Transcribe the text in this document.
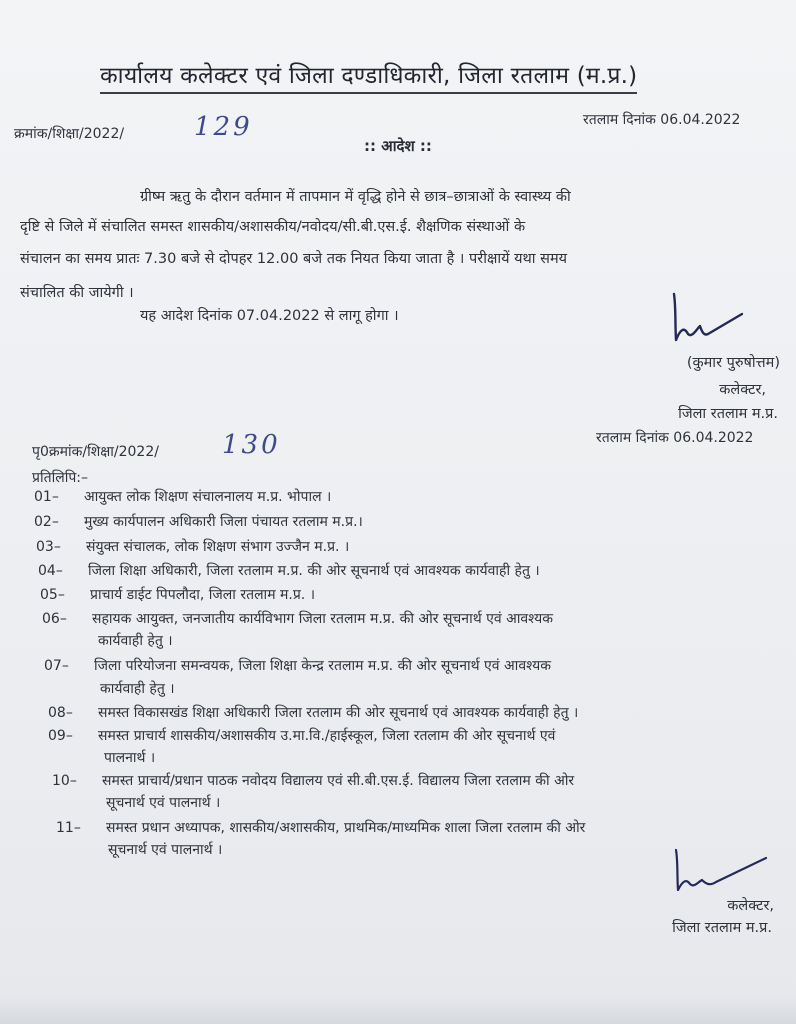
कार्यालय कलेक्टर एवं जिला दण्डाधिकारी, जिला रतलाम (म.प्र.)
रतलाम दिनांक 06.04.2022
क्रमांक/शिक्षा/2022/	129
:: आदेश ::
ग्रीष्म ऋतु के दौरान वर्तमान में तापमान में वृद्धि होने से छात्र–छात्राओं के स्वास्थ्य की
दृष्टि से जिले में संचालित समस्त शासकीय/अशासकीय/नवोदय/सी.बी.एस.ई. शैक्षणिक संस्थाओं के
संचालन का समय प्रातः 7.30 बजे से दोपहर 12.00 बजे तक नियत किया जाता है । परीक्षायें यथा समय
संचालित की जायेगी ।
यह आदेश दिनांक 07.04.2022 से लागू होगा ।
(कुमार पुरुषोत्तम)
कलेक्टर,
जिला रतलाम म.प्र.
पृ0क्रमांक/शिक्षा/2022/ 130	रतलाम दिनांक 06.04.2022
प्रतिलिपि:–
01– आयुक्त लोक शिक्षण संचालनालय म.प्र. भोपाल ।
02– मुख्य कार्यपालन अधिकारी जिला पंचायत रतलाम म.प्र.।
03– संयुक्त संचालक, लोक शिक्षण संभाग उज्जैन म.प्र. ।
04– जिला शिक्षा अधिकारी, जिला रतलाम म.प्र. की ओर सूचनार्थ एवं आवश्यक कार्यवाही हेतु ।
05– प्राचार्य डाईट पिपलौदा, जिला रतलाम म.प्र. ।
06– सहायक आयुक्त, जनजातीय कार्यविभाग जिला रतलाम म.प्र. की ओर सूचनार्थ एवं आवश्यक
कार्यवाही हेतु ।
07– जिला परियोजना समन्वयक, जिला शिक्षा केन्द्र रतलाम म.प्र. की ओर सूचनार्थ एवं आवश्यक
कार्यवाही हेतु ।
08– समस्त विकासखंड शिक्षा अधिकारी जिला रतलाम की ओर सूचनार्थ एवं आवश्यक कार्यवाही हेतु ।
09– समस्त प्राचार्य शासकीय/अशासकीय उ.मा.वि./हाईस्कूल, जिला रतलाम की ओर सूचनार्थ एवं
पालनार्थ ।
10– समस्त प्राचार्य/प्रधान पाठक नवोदय विद्यालय एवं सी.बी.एस.ई. विद्यालय जिला रतलाम की ओर
सूचनार्थ एवं पालनार्थ ।
11– समस्त प्रधान अध्यापक, शासकीय/अशासकीय, प्राथमिक/माध्यमिक शाला जिला रतलाम की ओर
सूचनार्थ एवं पालनार्थ ।
कलेक्टर,
जिला रतलाम म.प्र.
